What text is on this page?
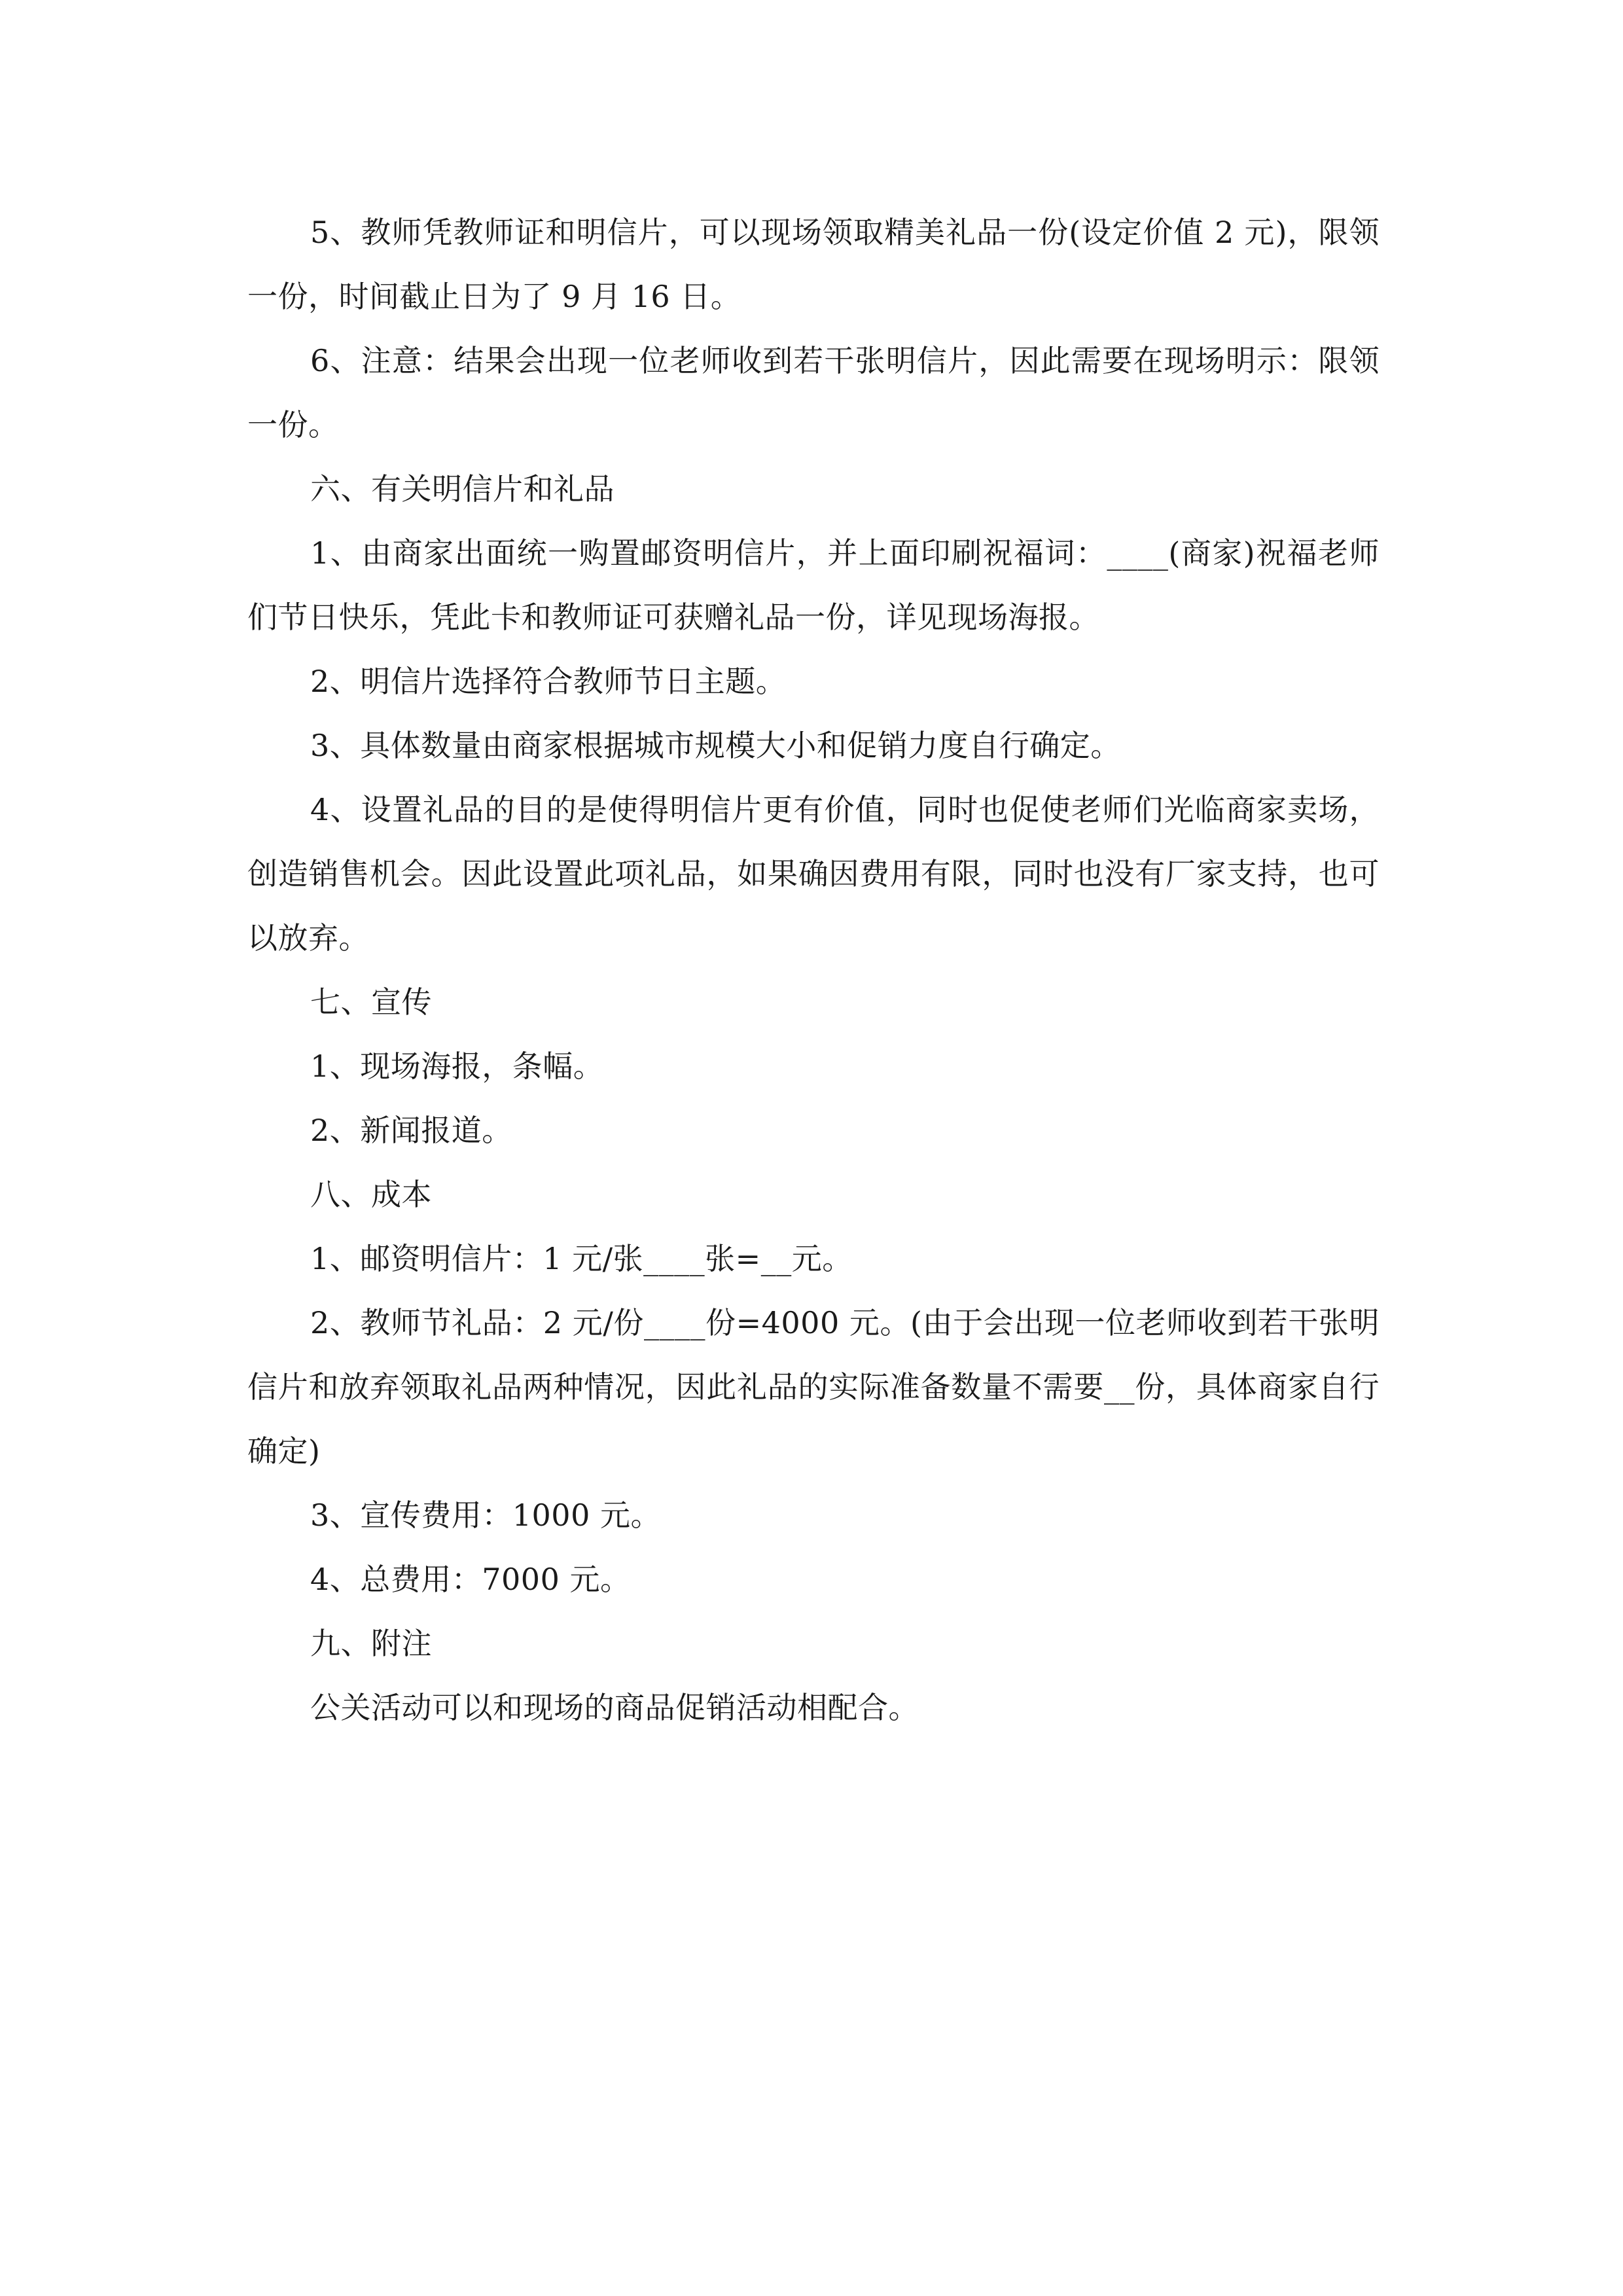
5、教师凭教师证和明信片，可以现场领取精美礼品一份(设定价值 2 元)，限领一份，时间截止日为了 9 月 16 日。

6、注意：结果会出现一位老师收到若干张明信片，因此需要在现场明示：限领一份。

六、有关明信片和礼品

1、由商家出面统一购置邮资明信片，并上面印刷祝福词：____(商家)祝福老师们节日快乐，凭此卡和教师证可获赠礼品一份，详见现场海报。

2、明信片选择符合教师节日主题。

3、具体数量由商家根据城市规模大小和促销力度自行确定。

4、设置礼品的目的是使得明信片更有价值，同时也促使老师们光临商家卖场，创造销售机会。因此设置此项礼品，如果确因费用有限，同时也没有厂家支持，也可以放弃。

七、宣传

1、现场海报，条幅。

2、新闻报道。

八、成本

1、邮资明信片：1 元/张____张=__元。

2、教师节礼品：2 元/份____份=4000 元。(由于会出现一位老师收到若干张明信片和放弃领取礼品两种情况，因此礼品的实际准备数量不需要__份，具体商家自行确定)

3、宣传费用：1000 元。

4、总费用：7000 元。

九、附注

公关活动可以和现场的商品促销活动相配合。
